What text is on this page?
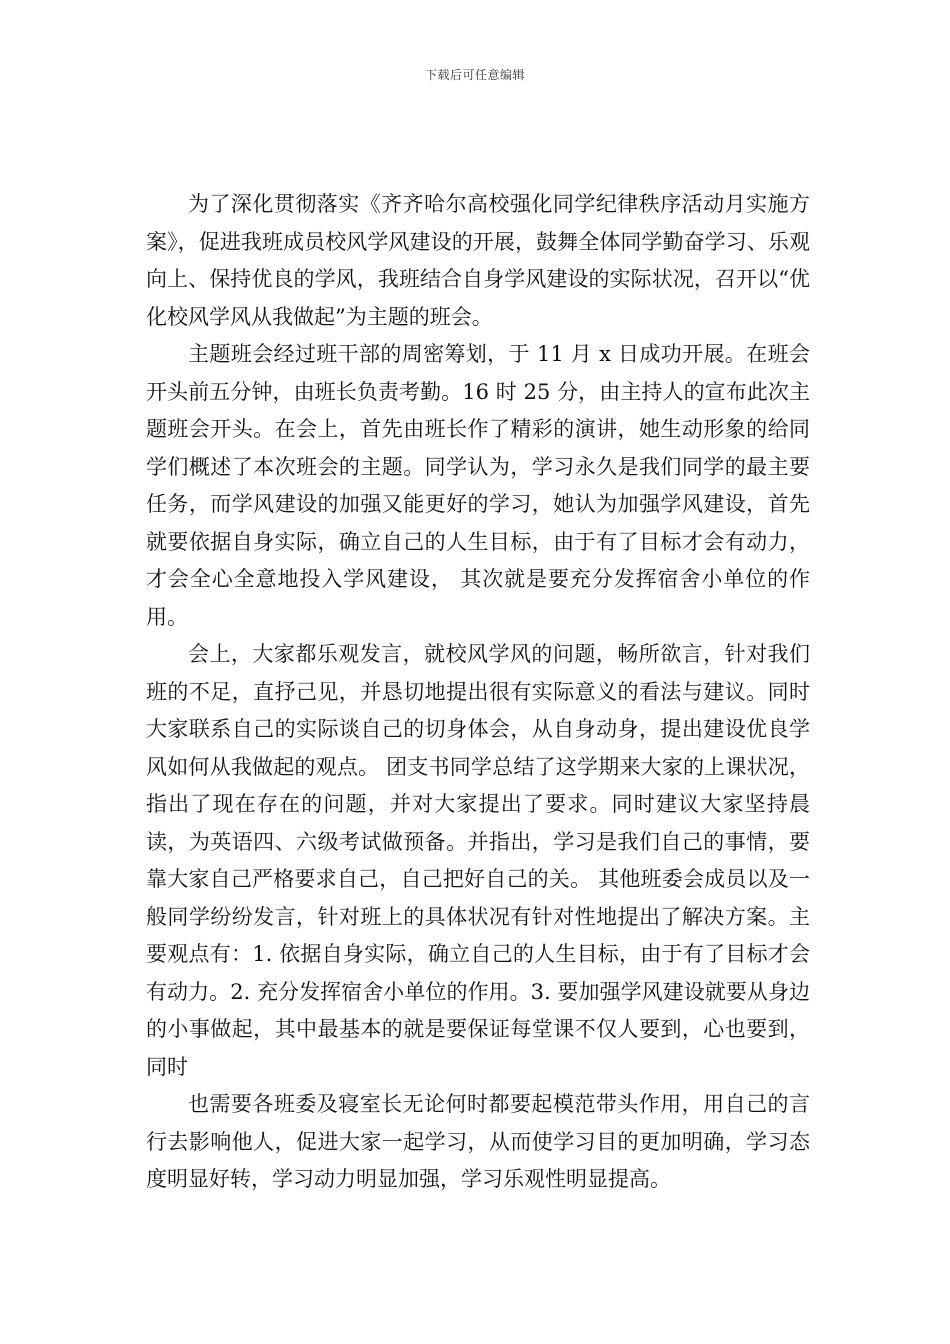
下载后可任意编辑

为了深化贯彻落实《齐齐哈尔高校强化同学纪律秩序活动月实施方案》，促进我班成员校风学风建设的开展，鼓舞全体同学勤奋学习、乐观向上、保持优良的学风，我班结合自身学风建设的实际状况，召开以“优化校风学风从我做起”为主题的班会。

主题班会经过班干部的周密筹划，于 11 月 x 日成功开展。在班会开头前五分钟，由班长负责考勤。16 时 25 分，由主持人的宣布此次主题班会开头。在会上，首先由班长作了精彩的演讲，她生动形象的给同学们概述了本次班会的主题。同学认为，学习永久是我们同学的最主要任务，而学风建设的加强又能更好的学习，她认为加强学风建设，首先就要依据自身实际，确立自己的人生目标，由于有了目标才会有动力，才会全心全意地投入学风建设， 其次就是要充分发挥宿舍小单位的作用。

会上，大家都乐观发言，就校风学风的问题，畅所欲言，针对我们班的不足，直抒己见，并恳切地提出很有实际意义的看法与建议。同时大家联系自己的实际谈自己的切身体会，从自身动身，提出建设优良学风如何从我做起的观点。 团支书同学总结了这学期来大家的上课状况，指出了现在存在的问题，并对大家提出了要求。同时建议大家坚持晨读，为英语四、六级考试做预备。并指出，学习是我们自己的事情，要靠大家自己严格要求自己，自己把好自己的关。 其他班委会成员以及一般同学纷纷发言，针对班上的具体状况有针对性地提出了解决方案。主要观点有：1. 依据自身实际，确立自己的人生目标，由于有了目标才会有动力。2. 充分发挥宿舍小单位的作用。3. 要加强学风建设就要从身边的小事做起，其中最基本的就是要保证每堂课不仅人要到，心也要到，同时

也需要各班委及寝室长无论何时都要起模范带头作用，用自己的言行去影响他人，促进大家一起学习，从而使学习目的更加明确，学习态度明显好转，学习动力明显加强，学习乐观性明显提高。
